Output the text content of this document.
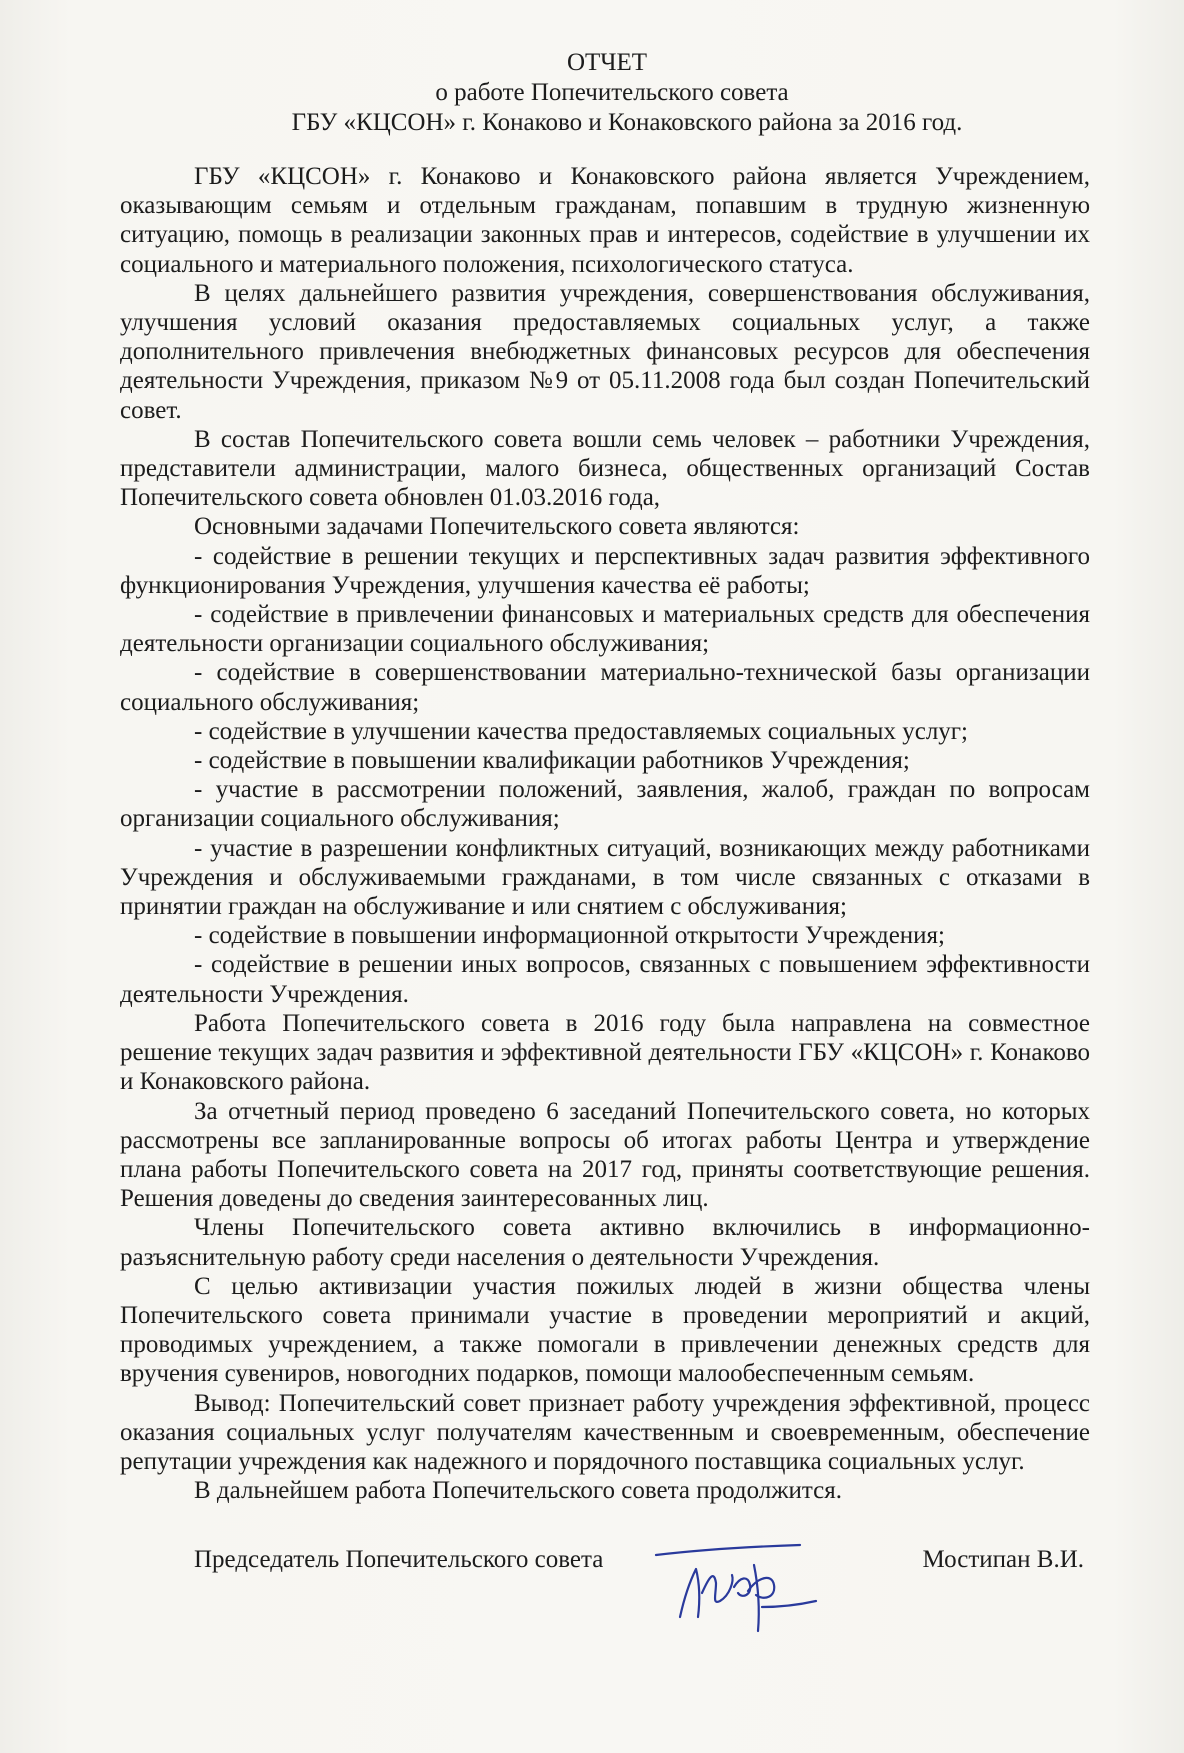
ОТЧЕТ
о работе Попечительского совета
ГБУ «КЦСОН» г. Конаково и Конаковского района за 2016 год.

ГБУ «КЦСОН» г. Конаково и Конаковского района является Учреждением, оказывающим семьям и отдельным гражданам, попавшим в трудную жизненную ситуацию, помощь в реализации законных прав и интересов, содействие в улучшении их социального и материального положения, психологического статуса.

В целях дальнейшего развития учреждения, совершенствования обслуживания, улучшения условий оказания предоставляемых социальных услуг, а также дополнительного привлечения внебюджетных финансовых ресурсов для обеспечения деятельности Учреждения, приказом №9 от 05.11.2008 года был создан Попечительский совет.

В состав Попечительского совета вошли семь человек – работники Учреждения, представители администрации, малого бизнеса, общественных организаций Состав Попечительского совета обновлен 01.03.2016 года,

Основными задачами Попечительского совета являются:

- содействие в решении текущих и перспективных задач развития эффективного функционирования Учреждения, улучшения качества её работы;

- содействие в привлечении финансовых и материальных средств для обеспечения деятельности организации социального обслуживания;

- содействие в совершенствовании материально-технической базы организации социального обслуживания;

- содействие в улучшении качества предоставляемых социальных услуг;

- содействие в повышении квалификации работников Учреждения;

- участие в рассмотрении положений, заявления, жалоб, граждан по вопросам организации социального обслуживания;

- участие в разрешении конфликтных ситуаций, возникающих между работниками Учреждения и обслуживаемыми гражданами, в том числе связанных с отказами в принятии граждан на обслуживание и или снятием с обслуживания;

- содействие в повышении информационной открытости Учреждения;

- содействие в решении иных вопросов, связанных с повышением эффективности деятельности Учреждения.

Работа Попечительского совета в 2016 году была направлена на совместное решение текущих задач развития и эффективной деятельности ГБУ «КЦСОН» г. Конаково и Конаковского района.

За отчетный период проведено 6 заседаний Попечительского совета, но которых рассмотрены все запланированные вопросы об итогах работы Центра и утверждение плана работы Попечительского совета на 2017 год, приняты соответствующие решения. Решения доведены до сведения заинтересованных лиц.

Члены Попечительского совета активно включились в информационно-разъяснительную работу среди населения о деятельности Учреждения.

С целью активизации участия пожилых людей в жизни общества члены Попечительского совета принимали участие в проведении мероприятий и акций, проводимых учреждением, а также помогали в привлечении денежных средств для вручения сувениров, новогодних подарков, помощи малообеспеченным семьям.

Вывод: Попечительский совет признает работу учреждения эффективной, процесс оказания социальных услуг получателям качественным и своевременным, обеспечение репутации учреждения как надежного и порядочного поставщика социальных услуг.

В дальнейшем работа Попечительского совета продолжится.

Председатель Попечительского совета	Мостипан В.И.
